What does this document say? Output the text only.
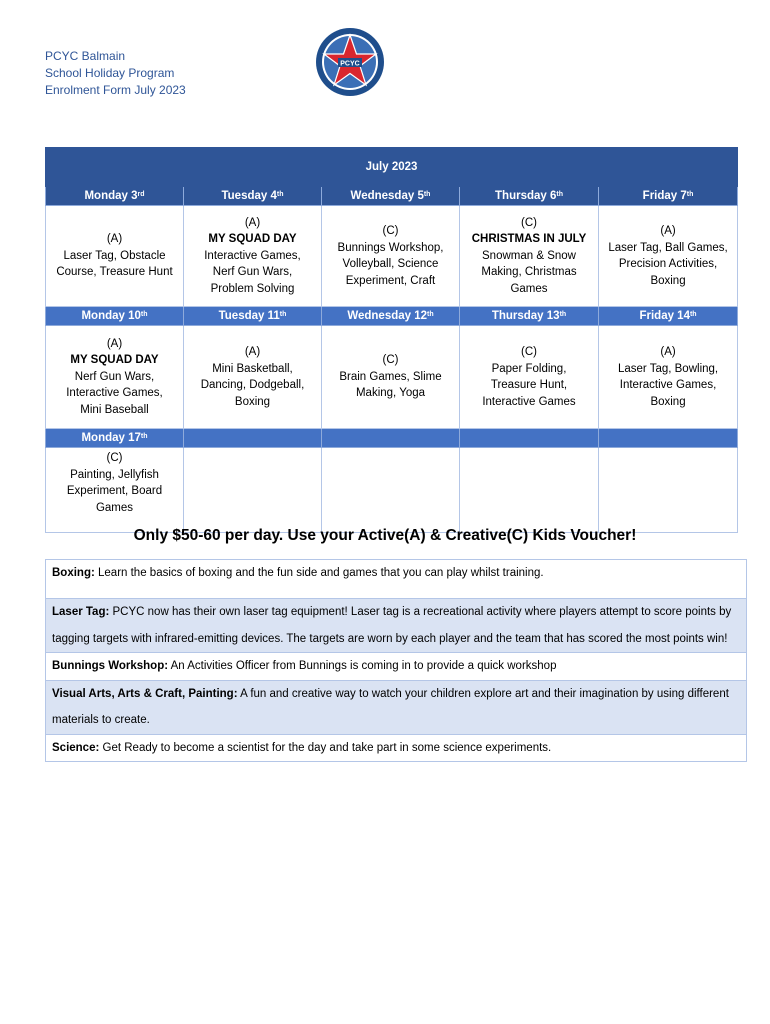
PCYC Balmain
School Holiday Program
Enrolment Form July 2023
PCYC
July 2023				
Monday 3rd	Tuesday 4th	Wednesday 5th	Thursday 6th	Friday 7th

(A)
Laser Tag, Obstacle
Course, Treasure Hunt	(A)
MY SQUAD DAY
Interactive Games,
Nerf Gun Wars,
Problem Solving	(C)
Bunnings Workshop,
Volleyball, Science
Experiment, Craft	(C)
CHRISTMAS IN JULY
Snowman & Snow
Making, Christmas
Games	(A)
Laser Tag, Ball Games,
Precision Activities,
Boxing

Monday 10th	Tuesday 11th	Wednesday 12th	Thursday 13th	Friday 14th

(A)
MY SQUAD DAY
Nerf Gun Wars,
Interactive Games,
Mini Baseball	(A)
Mini Basketball,
Dancing, Dodgeball,
Boxing	(C)
Brain Games, Slime
Making, Yoga	(C)
Paper Folding,
Treasure Hunt,
Interactive Games	(A)
Laser Tag, Bowling,
Interactive Games,
Boxing

Monday 17th				

(C)
Painting, Jellyfish
Experiment, Board
Games				

Only $50-60 per day. Use your Active(A) & Creative(C) Kids Voucher!
Boxing: Learn the basics of boxing and the fun side and games that you can play whilst training.
Laser Tag: PCYC now has their own laser tag equipment! Laser tag is a recreational activity where players attempt to score points by tagging targets with infrared-emitting devices. The targets are worn by each player and the team that has scored the most points win!
Bunnings Workshop: An Activities Officer from Bunnings is coming in to provide a quick workshop
Visual Arts, Arts & Craft, Painting: A fun and creative way to watch your children explore art and their imagination by using different materials to create.
Science: Get Ready to become a scientist for the day and take part in some science experiments.
